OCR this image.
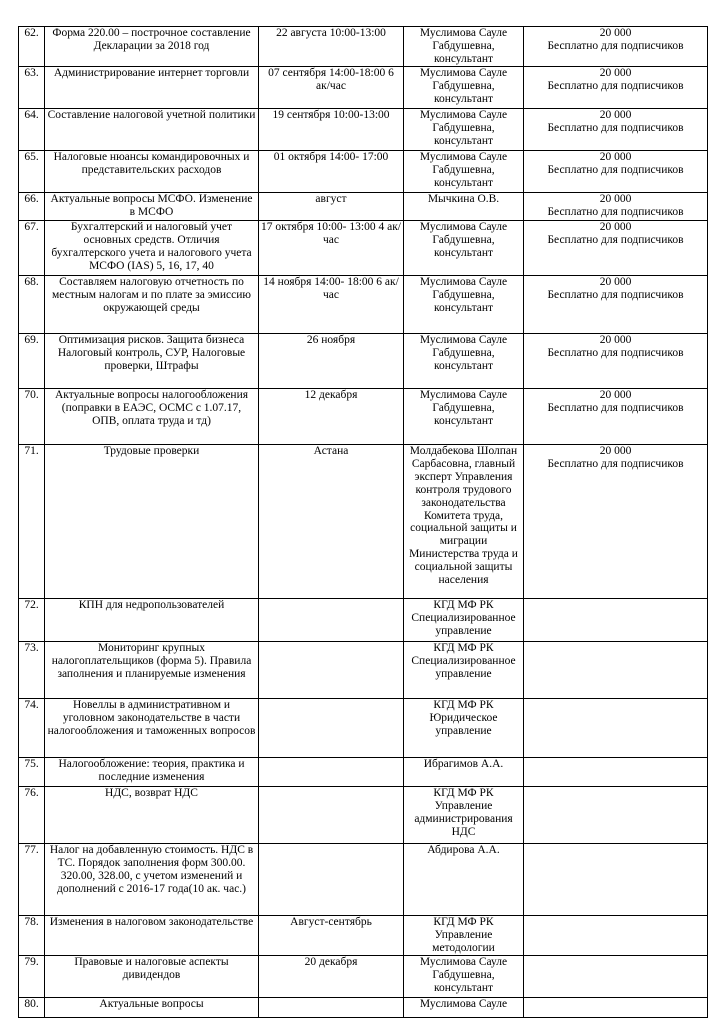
62.	Форма 220.00 – построчное составление Декларации за 2018 год	22 августа 10:00-13:00	Муслимова Сауле Габдушевна, консультант	20 000
Бесплатно для подписчиков

63.	Администрирование интернет торговли	07 сентября 14:00-18:00 6 ак/час	Муслимова Сауле Габдушевна, консультант	20 000
Бесплатно для подписчиков

64.	Составление налоговой учетной политики	19 сентября 10:00-13:00	Муслимова Сауле Габдушевна, консультант	20 000
Бесплатно для подписчиков

65.	Налоговые нюансы командировочных и представительских расходов	01 октября 14:00- 17:00	Муслимова Сауле Габдушевна, консультант	20 000
Бесплатно для подписчиков

66.	Актуальные вопросы МСФО. Изменение в МСФО	август	Мычкина О.В.	20 000
Бесплатно для подписчиков

67.	Бухгалтерский и налоговый учет основных средств. Отличия бухгалтерского учета и налогового учета МСФО (IAS) 5, 16, 17, 40	17 октября 10:00- 13:00 4 ак/час	Муслимова Сауле Габдушевна, консультант	20 000
Бесплатно для подписчиков

68.	Составляем налоговую отчетность по местным налогам и по плате за эмиссию окружающей среды	14 ноября 14:00- 18:00 6 ак/час	Муслимова Сауле Габдушевна, консультант	20 000
Бесплатно для подписчиков

69.	Оптимизация рисков. Защита бизнеса Налоговый контроль, СУР, Налоговые проверки, Штрафы	26 ноября	Муслимова Сауле Габдушевна, консультант	20 000
Бесплатно для подписчиков

70.	Актуальные вопросы налогообложения (поправки в ЕАЭС, ОСМС с 1.07.17, ОПВ, оплата труда и тд)	12 декабря	Муслимова Сауле Габдушевна, консультант	20 000
Бесплатно для подписчиков

71.	Трудовые проверки	Астана	Молдабекова Шолпан Сарбасовна, главный эксперт Управления контроля трудового законодательства Комитета труда, социальной защиты и миграции Министерства труда и социальной защиты населения	20 000
Бесплатно для подписчиков

72.	КПН для недропользователей		КГД МФ РК Специализированное управление	

73.	Мониторинг крупных налогоплательщиков (форма 5). Правила заполнения и планируемые изменения		КГД МФ РК Специализированное управление	

74.	Новеллы в административном и уголовном законодательстве в части налогообложения и таможенных вопросов		КГД МФ РК Юридическое управление	

75.	Налогообложение: теория, практика и последние изменения		Ибрагимов А.А.	

76.	НДС, возврат НДС		КГД МФ РК Управление администрирования НДС	

77.	Налог на добавленную стоимость. НДС в ТС. Порядок заполнения форм 300.00. 320.00, 328.00, с учетом изменений и дополнений с 2016-17 года(10 ак. час.)		Абдирова А.А.	

78.	Изменения в налоговом законодательстве	Август-сентябрь	КГД МФ РК Управление методологии	

79.	Правовые и налоговые аспекты дивидендов	20 декабря	Муслимова Сауле Габдушевна, консультант	

80.	Актуальные вопросы		Муслимова Сауле	
